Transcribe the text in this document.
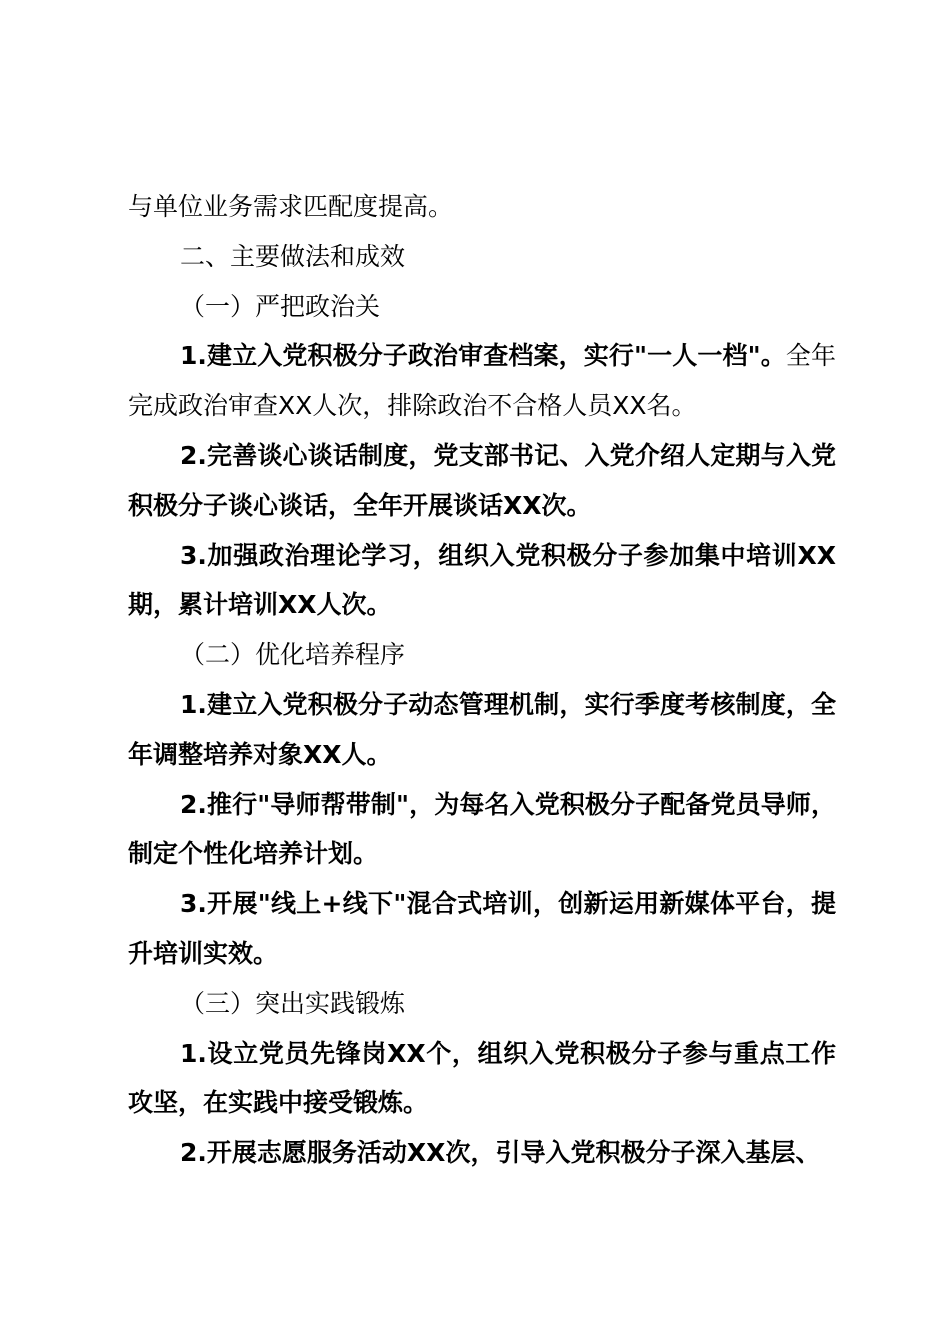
与单位业务需求匹配度提高。

二、主要做法和成效

（一）严把政治关

1.建立入党积极分子政治审查档案，实行"一人一档"。全年完成政治审查XX人次，排除政治不合格人员XX名。

2.完善谈心谈话制度，党支部书记、入党介绍人定期与入党积极分子谈心谈话，全年开展谈话XX次。

3.加强政治理论学习，组织入党积极分子参加集中培训XX期，累计培训XX人次。

（二）优化培养程序

1.建立入党积极分子动态管理机制，实行季度考核制度，全年调整培养对象XX人。

2.推行"导师帮带制"，为每名入党积极分子配备党员导师，制定个性化培养计划。

3.开展"线上+线下"混合式培训，创新运用新媒体平台，提升培训实效。

（三）突出实践锻炼

1.设立党员先锋岗XX个，组织入党积极分子参与重点工作攻坚，在实践中接受锻炼。

2.开展志愿服务活动XX次，引导入党积极分子深入基层、
